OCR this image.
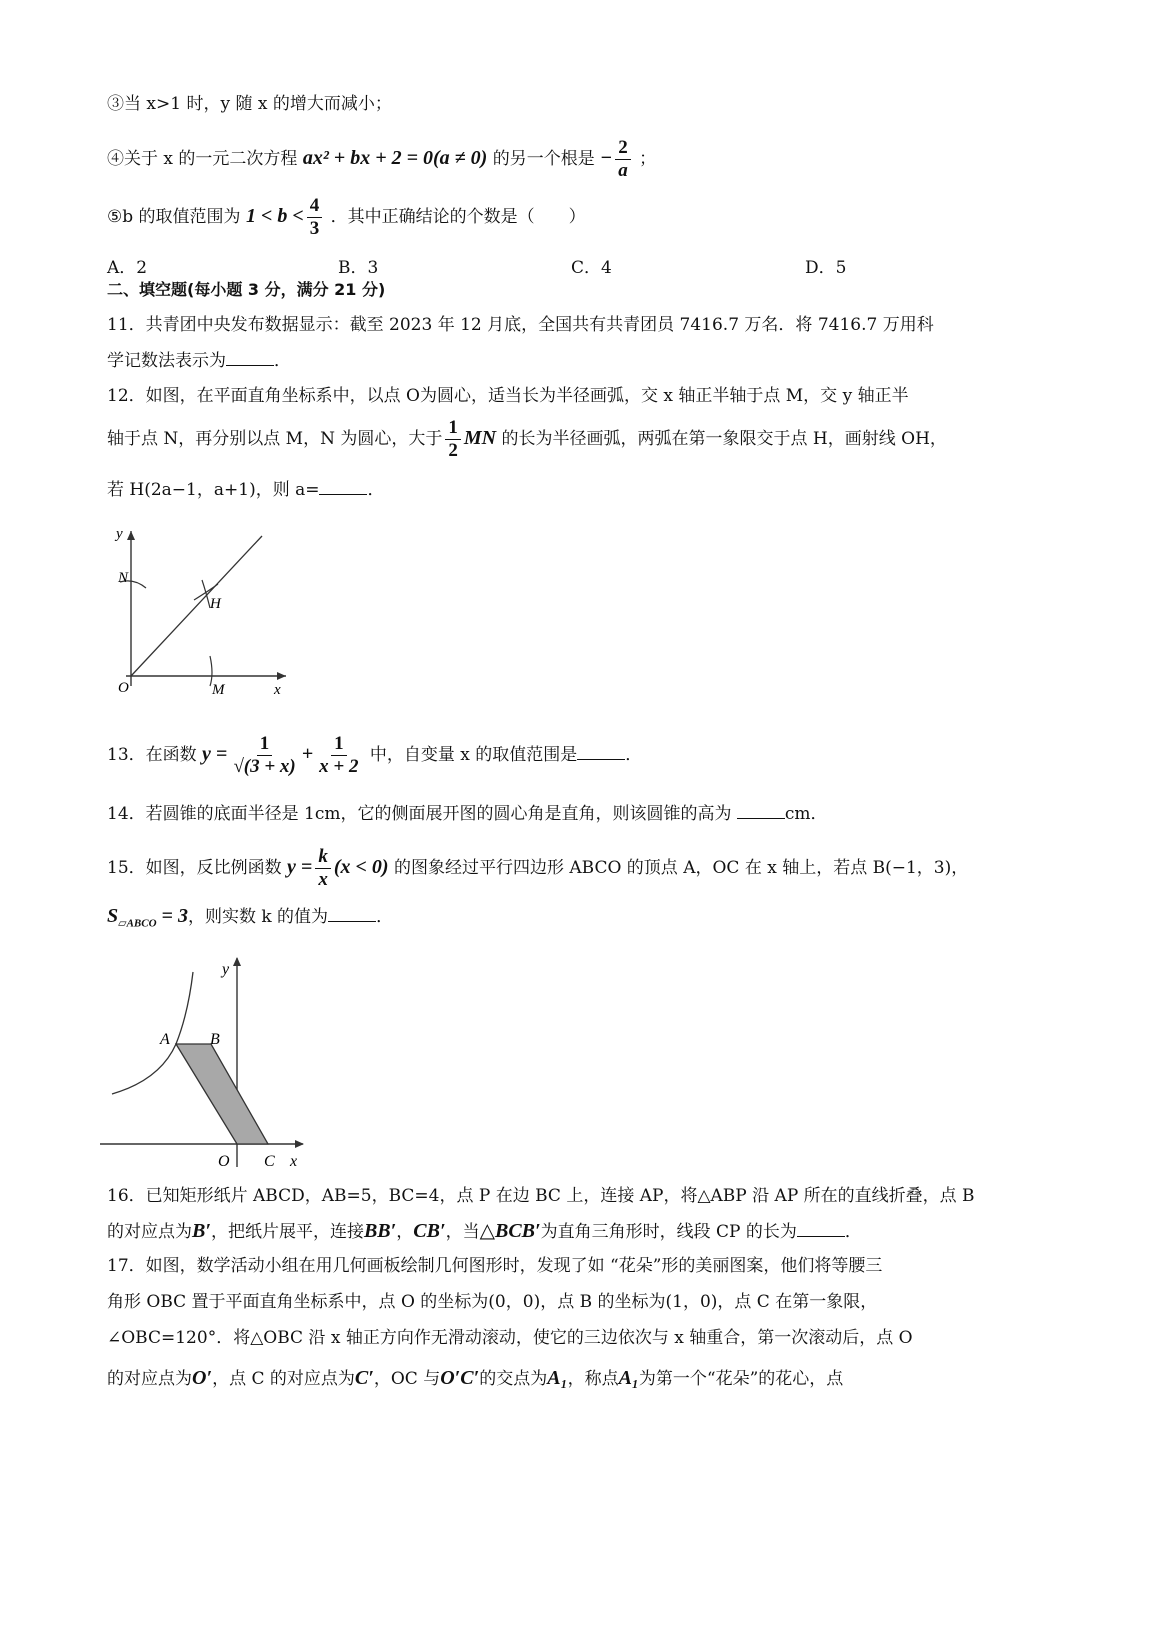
③当 x>1 时，y 随 x 的增大而减小；
④关于 x 的一元二次方程 ax² + bx + 2 = 0(a ≠ 0) 的另一个根是 − $\frac{2}{a}$ ；
⑤b 的取值范围为 $1 < b < \frac{4}{3}$ ．其中正确结论的个数是（　　）
A．2	B．3	C．4	D．5
二、填空题(每小题 3 分，满分 21 分)
11．共青团中央发布数据显示：截至 2023 年 12 月底，全国共有共青团员 7416.7 万名．将 7416.7 万用科
学记数法表示为	．
12．如图，在平面直角坐标系中，以点 O为圆心，适当长为半径画弧，交 x 轴正半轴于点 M，交 y 轴正半
轴于点 N，再分别以点 M，N 为圆心，大于 $\frac{1}{2}$ MN 的长为半径画弧，两弧在第一象限交于点 H，画射线 OH，
若 H(2a−1，a+1)，则 a=	．
y
N
H
O	M	x
13．在函数 $y = \frac{1}{√(3 + x)} + \frac{1}{x + 2}$ 中，自变量 x 的取值范围是	．
14．若圆锥的底面半径是 1cm，它的侧面展开图的圆心角是直角，则该圆锥的高为	cm．
15．如图，反比例函数 $y = \frac{k}{x} (x < 0)$ 的图象经过平行四边形 ABCO 的顶点 A，OC 在 x 轴上，若点 B(−1，3)，
$S_{▱ABCO} = 3$，则实数 k 的值为	．
y
A	B
O C x
16．已知矩形纸片 ABCD，AB=5，BC=4，点 P 在边 BC 上，连接 AP，将△ABP 沿 AP 所在的直线折叠，点 B
的对应点为B′，把纸片展平，连接BB′，CB′，当△BCB′为直角三角形时，线段 CP 的长为	．
17．如图，数学活动小组在用几何画板绘制几何图形时，发现了如 “花朵”形的美丽图案，他们将等腰三
角形 OBC 置于平面直角坐标系中，点 O 的坐标为(0，0)，点 B 的坐标为(1，0)，点 C 在第一象限，
∠OBC=120°．将△OBC 沿 x 轴正方向作无滑动滚动，使它的三边依次与 x 轴重合，第一次滚动后，点 O
的对应点为O′，点 C 的对应点为C′，OC 与O′C′的交点为A₁，称点A₁为第一个“花朵”的花心，点
